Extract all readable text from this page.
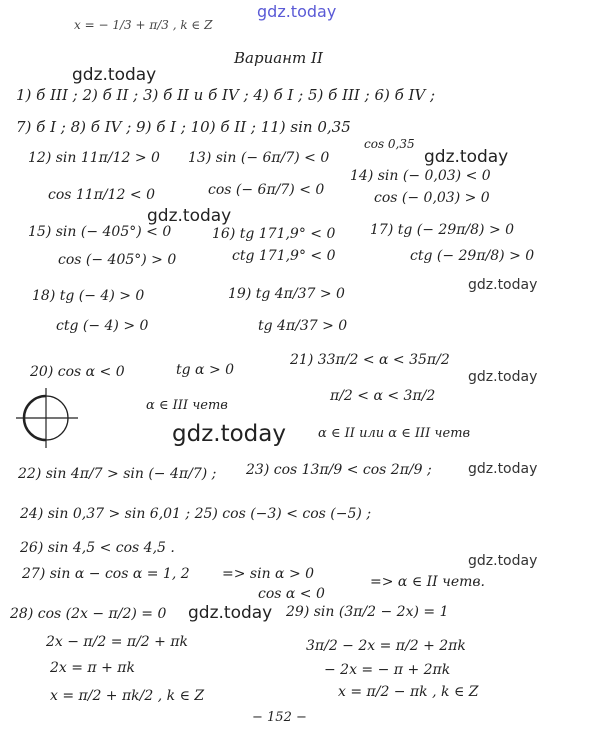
gdz.today
gdz.today
gdz.today
gdz.today
gdz.today
gdz.today
gdz.today
gdz.today
gdz.today
gdz.today
x = − 1/3 + π/3 , k ∈ Z
Вариант II
1) б III ; 2) б II ; 3) б II и б IV ; 4) б I ; 5) б III ; 6) б IV ;
7) б I ; 8) б IV ; 9) б I ; 10) б II ; 11) sin 0,35
cos 0,35
12) sin 11π/12 > 0 13) sin (− 6π/7) < 0
cos 11π/12 < 0	cos (− 6π/7) < 0
14) sin (− 0,03) < 0
cos (− 0,03) > 0
15) sin (− 405°) < 0	16) tg 171,9° < 0 17) tg (− 29π/8) > 0
cos (− 405°) > 0	ctg 171,9° < 0	ctg (− 29π/8) > 0
18) tg (− 4) > 0	19) tg 4π/37 > 0
ctg (− 4) > 0	tg 4π/37 > 0
20) cos α < 0	tg α > 0
21) 33π/2 < α < 35π/2
π/2 < α < 3π/2
α ∈ III четв
α ∈ II или α ∈ III четв
22) sin 4π/7 > sin (− 4π/7) ; 23) cos 13π/9 < cos 2π/9 ;
24) sin 0,37 > sin 6,01 ; 25) cos (−3) < cos (−5) ;
26) sin 4,5 < cos 4,5 .
27) sin α − cos α = 1, 2 => sin α > 0
cos α < 0
=> α ∈ II четв.
28) cos (2x − π/2) = 0	29) sin (3π/2 − 2x) = 1
2x − π/2 = π/2 + πk	3π/2 − 2x = π/2 + 2πk
2x = π + πk	− 2x = − π + 2πk
x = π/2 + πk/2 , k ∈ Z	x = π/2 − πk , k ∈ Z
− 152 −
